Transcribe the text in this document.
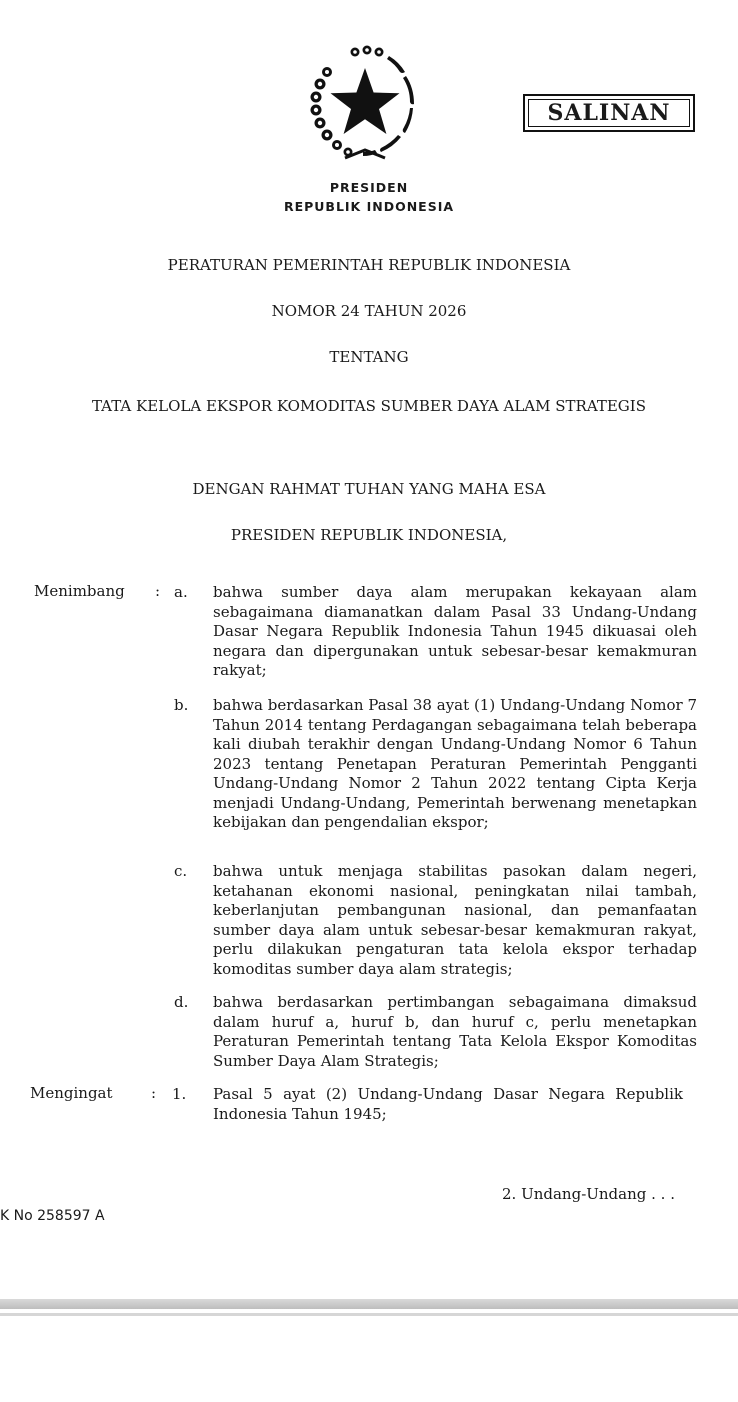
SALINAN
PRESIDEN
REPUBLIK INDONESIA
PERATURAN PEMERINTAH REPUBLIK INDONESIA
NOMOR 24 TAHUN 2026
TENTANG
TATA KELOLA EKSPOR KOMODITAS SUMBER DAYA ALAM STRATEGIS
DENGAN RAHMAT TUHAN YANG MAHA ESA
PRESIDEN REPUBLIK INDONESIA,
Menimbang : a. bahwa sumber daya alam merupakan kekayaan alam sebagaimana diamanatkan dalam Pasal 33 Undang-Undang Dasar Negara Republik Indonesia Tahun 1945 dikuasai oleh negara dan dipergunakan untuk sebesar-besar kemakmuran rakyat;
b. bahwa berdasarkan Pasal 38 ayat (1) Undang-Undang Nomor 7 Tahun 2014 tentang Perdagangan sebagaimana telah beberapa kali diubah terakhir dengan Undang-Undang Nomor 6 Tahun 2023 tentang Penetapan Peraturan Pemerintah Pengganti Undang-Undang Nomor 2 Tahun 2022 tentang Cipta Kerja menjadi Undang-Undang, Pemerintah berwenang menetapkan kebijakan dan pengendalian ekspor;
c. bahwa untuk menjaga stabilitas pasokan dalam negeri, ketahanan ekonomi nasional, peningkatan nilai tambah, keberlanjutan pembangunan nasional, dan pemanfaatan sumber daya alam untuk sebesar-besar kemakmuran rakyat, perlu dilakukan pengaturan tata kelola ekspor terhadap komoditas sumber daya alam strategis;
d. bahwa berdasarkan pertimbangan sebagaimana dimaksud dalam huruf a, huruf b, dan huruf c, perlu menetapkan Peraturan Pemerintah tentang Tata Kelola Ekspor Komoditas Sumber Daya Alam Strategis;
Mengingat	: 1. Pasal 5 ayat (2) Undang-Undang Dasar Negara Republik Indonesia Tahun 1945;
2. Undang-Undang . . .
K No 258597 A
